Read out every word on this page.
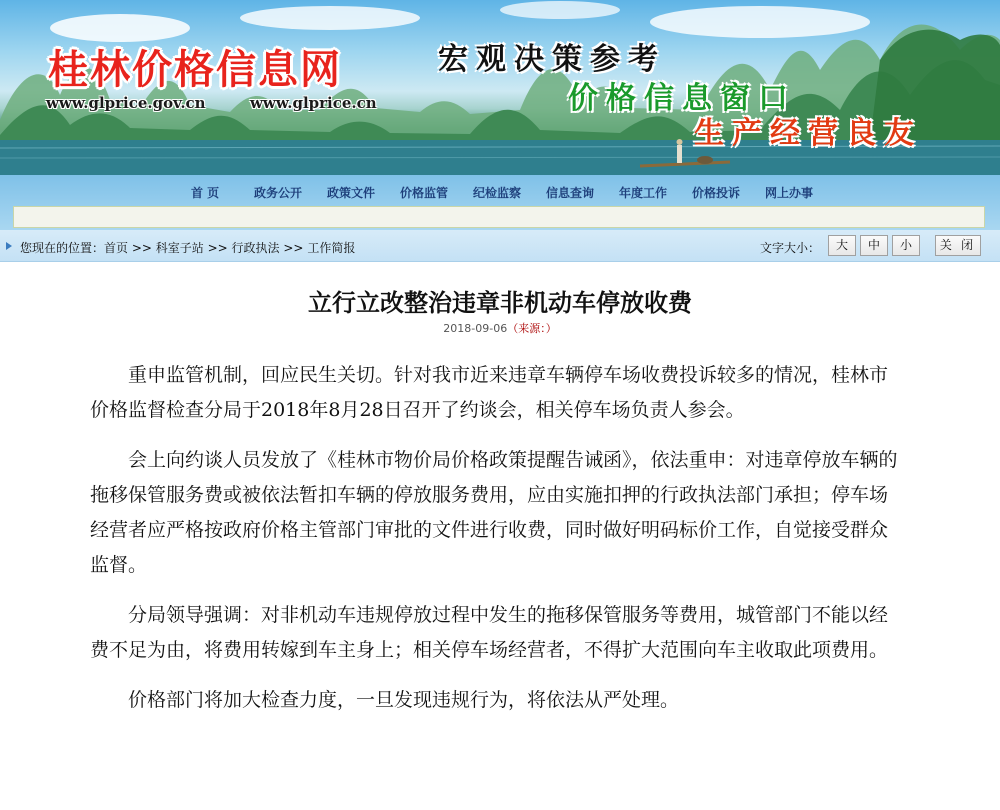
桂林价格信息网
www.glprice.gov.cn	www.glprice.cn
宏观决策参考
价格信息窗口
生产经营良友
首 页	政务公开 政策文件 价格监管 纪检监察 信息查询 年度工作 价格投诉 网上办事
您现在的位置：首页 >> 科室子站 >> 行政执法 >> 工作简报	文字大小：	大	中	小	关 闭
立行立改整治违章非机动车停放收费
2018-09-06（来源：）

重申监管机制，回应民生关切。针对我市近来违章车辆停车场收费投诉较多的情况，桂林市价格监督检查分局于2018年8月28日召开了约谈会，相关停车场负责人参会。

会上向约谈人员发放了《桂林市物价局价格政策提醒告诫函》，依法重申：对违章停放车辆的拖移保管服务费或被依法暂扣车辆的停放服务费用，应由实施扣押的行政执法部门承担；停车场经营者应严格按政府价格主管部门审批的文件进行收费，同时做好明码标价工作，自觉接受群众监督。

分局领导强调：对非机动车违规停放过程中发生的拖移保管服务等费用，城管部门不能以经费不足为由，将费用转嫁到车主身上；相关停车场经营者，不得扩大范围向车主收取此项费用。

价格部门将加大检查力度，一旦发现违规行为，将依法从严处理。
